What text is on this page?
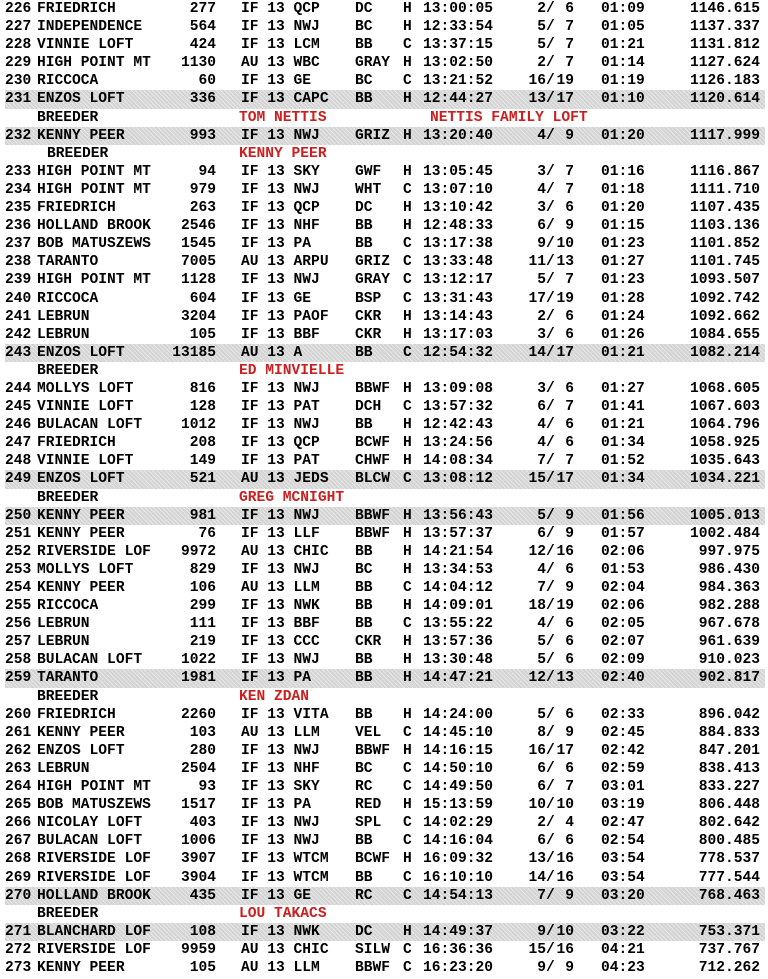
226 FRIEDRICH	277 IF 13 QCP DC H 13:00:05	2 / 6 01:09	1146.615
227 INDEPENDENCE	564 IF 13 NWJ BC H 12:33:54	5 / 7 01:05	1137.337
228 VINNIE LOFT	424 IF 13 LCM BB C 13:37:15	5 / 7 01:21	1131.812
229 HIGH POINT MT	1130 AU 13 WBC GRAY H 13:02:50	2 / 7 01:14	1127.624
230 RICCOCA	60 IF 13 GE	BC C 13:21:52	16 / 19 01:19	1126.183
231 ENZOS LOFT	336 IF 13 CAPC BB H 12:44:27	13 / 17 01:10	1120.614
BREEDER	TOM NETTIS	NETTIS FAMILY LOFT
232 KENNY PEER	993 IF 13 NWJ GRIZ H 13:20:40	4 / 9 01:20	1117.999
BREEDER	KENNY PEER
233 HIGH POINT MT	94 IF 13 SKY GWF H 13:05:45	3 / 7 01:16	1116.867
234 HIGH POINT MT	979 IF 13 NWJ WHT C 13:07:10	4 / 7 01:18	1111.710
235 FRIEDRICH	263 IF 13 QCP DC H 13:10:42	3 / 6 01:20	1107.435
236 HOLLAND BROOK	2546 IF 13 NHF BB H 12:48:33	6 / 9 01:15	1103.136
237 BOB MATUSZEWS	1545 IF 13 PA	BB C 13:17:38	9 / 10 01:23	1101.852
238 TARANTO	7005 AU 13 ARPU GRIZ C 13:33:48	11 / 13 01:27	1101.745
239 HIGH POINT MT	1128 IF 13 NWJ GRAY C 13:12:17	5 / 7 01:23	1093.507
240 RICCOCA	604 IF 13 GE	BSP C 13:31:43	17 / 19 01:28	1092.742
241 LEBRUN	3204 IF 13 PAOF CKR H 13:14:43	2 / 6 01:24	1092.662
242 LEBRUN	105 IF 13 BBF CKR H 13:17:03	3 / 6 01:26	1084.655
243 ENZOS LOFT	13185 AU 13 A	BB C 12:54:32	14 / 17 01:21	1082.214
BREEDER	ED MINVIELLE
244 MOLLYS LOFT	816 IF 13 NWJ BBWF H 13:09:08	3 / 6 01:27	1068.605
245 VINNIE LOFT	128 IF 13 PAT DCH C 13:57:32	6 / 7 01:41	1067.603
246 BULACAN LOFT	1012 IF 13 NWJ BB H 12:42:43	4 / 6 01:21	1064.796
247 FRIEDRICH	208 IF 13 QCP BCWF H 13:24:56	4 / 6 01:34	1058.925
248 VINNIE LOFT	149 IF 13 PAT CHWF H 14:08:34	7 / 7 01:52	1035.643
249 ENZOS LOFT	521 AU 13 JEDS BLCW C 13:08:12	15 / 17 01:34	1034.221
BREEDER	GREG MCNIGHT
250 KENNY PEER	981 IF 13 NWJ BBWF H 13:56:43	5 / 9 01:56	1005.013
251 KENNY PEER	76 IF 13 LLF BBWF H 13:57:37	6 / 9 01:57	1002.484
252 RIVERSIDE LOF	9972 AU 13 CHIC BB H 14:21:54	12 / 16 02:06	997.975
253 MOLLYS LOFT	829 IF 13 NWJ BC H 13:34:53	4 / 6 01:53	986.430
254 KENNY PEER	106 AU 13 LLM BB C 14:04:12	7 / 9 02:04	984.363
255 RICCOCA	299 IF 13 NWK BB H 14:09:01	18 / 19 02:06	982.288
256 LEBRUN	111 IF 13 BBF BB C 13:55:22	4 / 6 02:05	967.678
257 LEBRUN	219 IF 13 CCC CKR H 13:57:36	5 / 6 02:07	961.639
258 BULACAN LOFT	1022 IF 13 NWJ BB H 13:30:48	5 / 6 02:09	910.023
259 TARANTO	1981 IF 13 PA	BB H 14:47:21	12 / 13 02:40	902.817
BREEDER	KEN ZDAN
260 FRIEDRICH	2260 IF 13 VITA BB H 14:24:00	5 / 6 02:33	896.042
261 KENNY PEER	103 AU 13 LLM VEL C 14:45:10	8 / 9 02:45	884.833
262 ENZOS LOFT	280 IF 13 NWJ BBWF H 14:16:15	16 / 17 02:42	847.201
263 LEBRUN	2504 IF 13 NHF BC C 14:50:10	6 / 6 02:59	838.413
264 HIGH POINT MT	93 IF 13 SKY RC C 14:49:50	6 / 7 03:01	833.227
265 BOB MATUSZEWS	1517 IF 13 PA	RED H 15:13:59	10 / 10 03:19	806.448
266 NICOLAY LOFT	403 IF 13 NWJ SPL C 14:02:29	2 / 4 02:47	802.642
267 BULACAN LOFT	1006 IF 13 NWJ BB C 14:16:04	6 / 6 02:54	800.485
268 RIVERSIDE LOF	3907 IF 13 WTCM BCWF H 16:09:32	13 / 16 03:54	778.537
269 RIVERSIDE LOF	3904 IF 13 WTCM BB C 16:10:10	14 / 16 03:54	777.544
270 HOLLAND BROOK	435 IF 13 GE	RC C 14:54:13	7 / 9 03:20	768.463
BREEDER	LOU TAKACS
271 BLANCHARD LOF	108 IF 13 NWK DC H 14:49:37	9 / 10 03:22	753.371
272 RIVERSIDE LOF	9959 AU 13 CHIC SILW C 16:36:36	15 / 16 04:21	737.767
273 KENNY PEER	105 AU 13 LLM BBWF C 16:23:20	9 / 9 04:23	712.262
